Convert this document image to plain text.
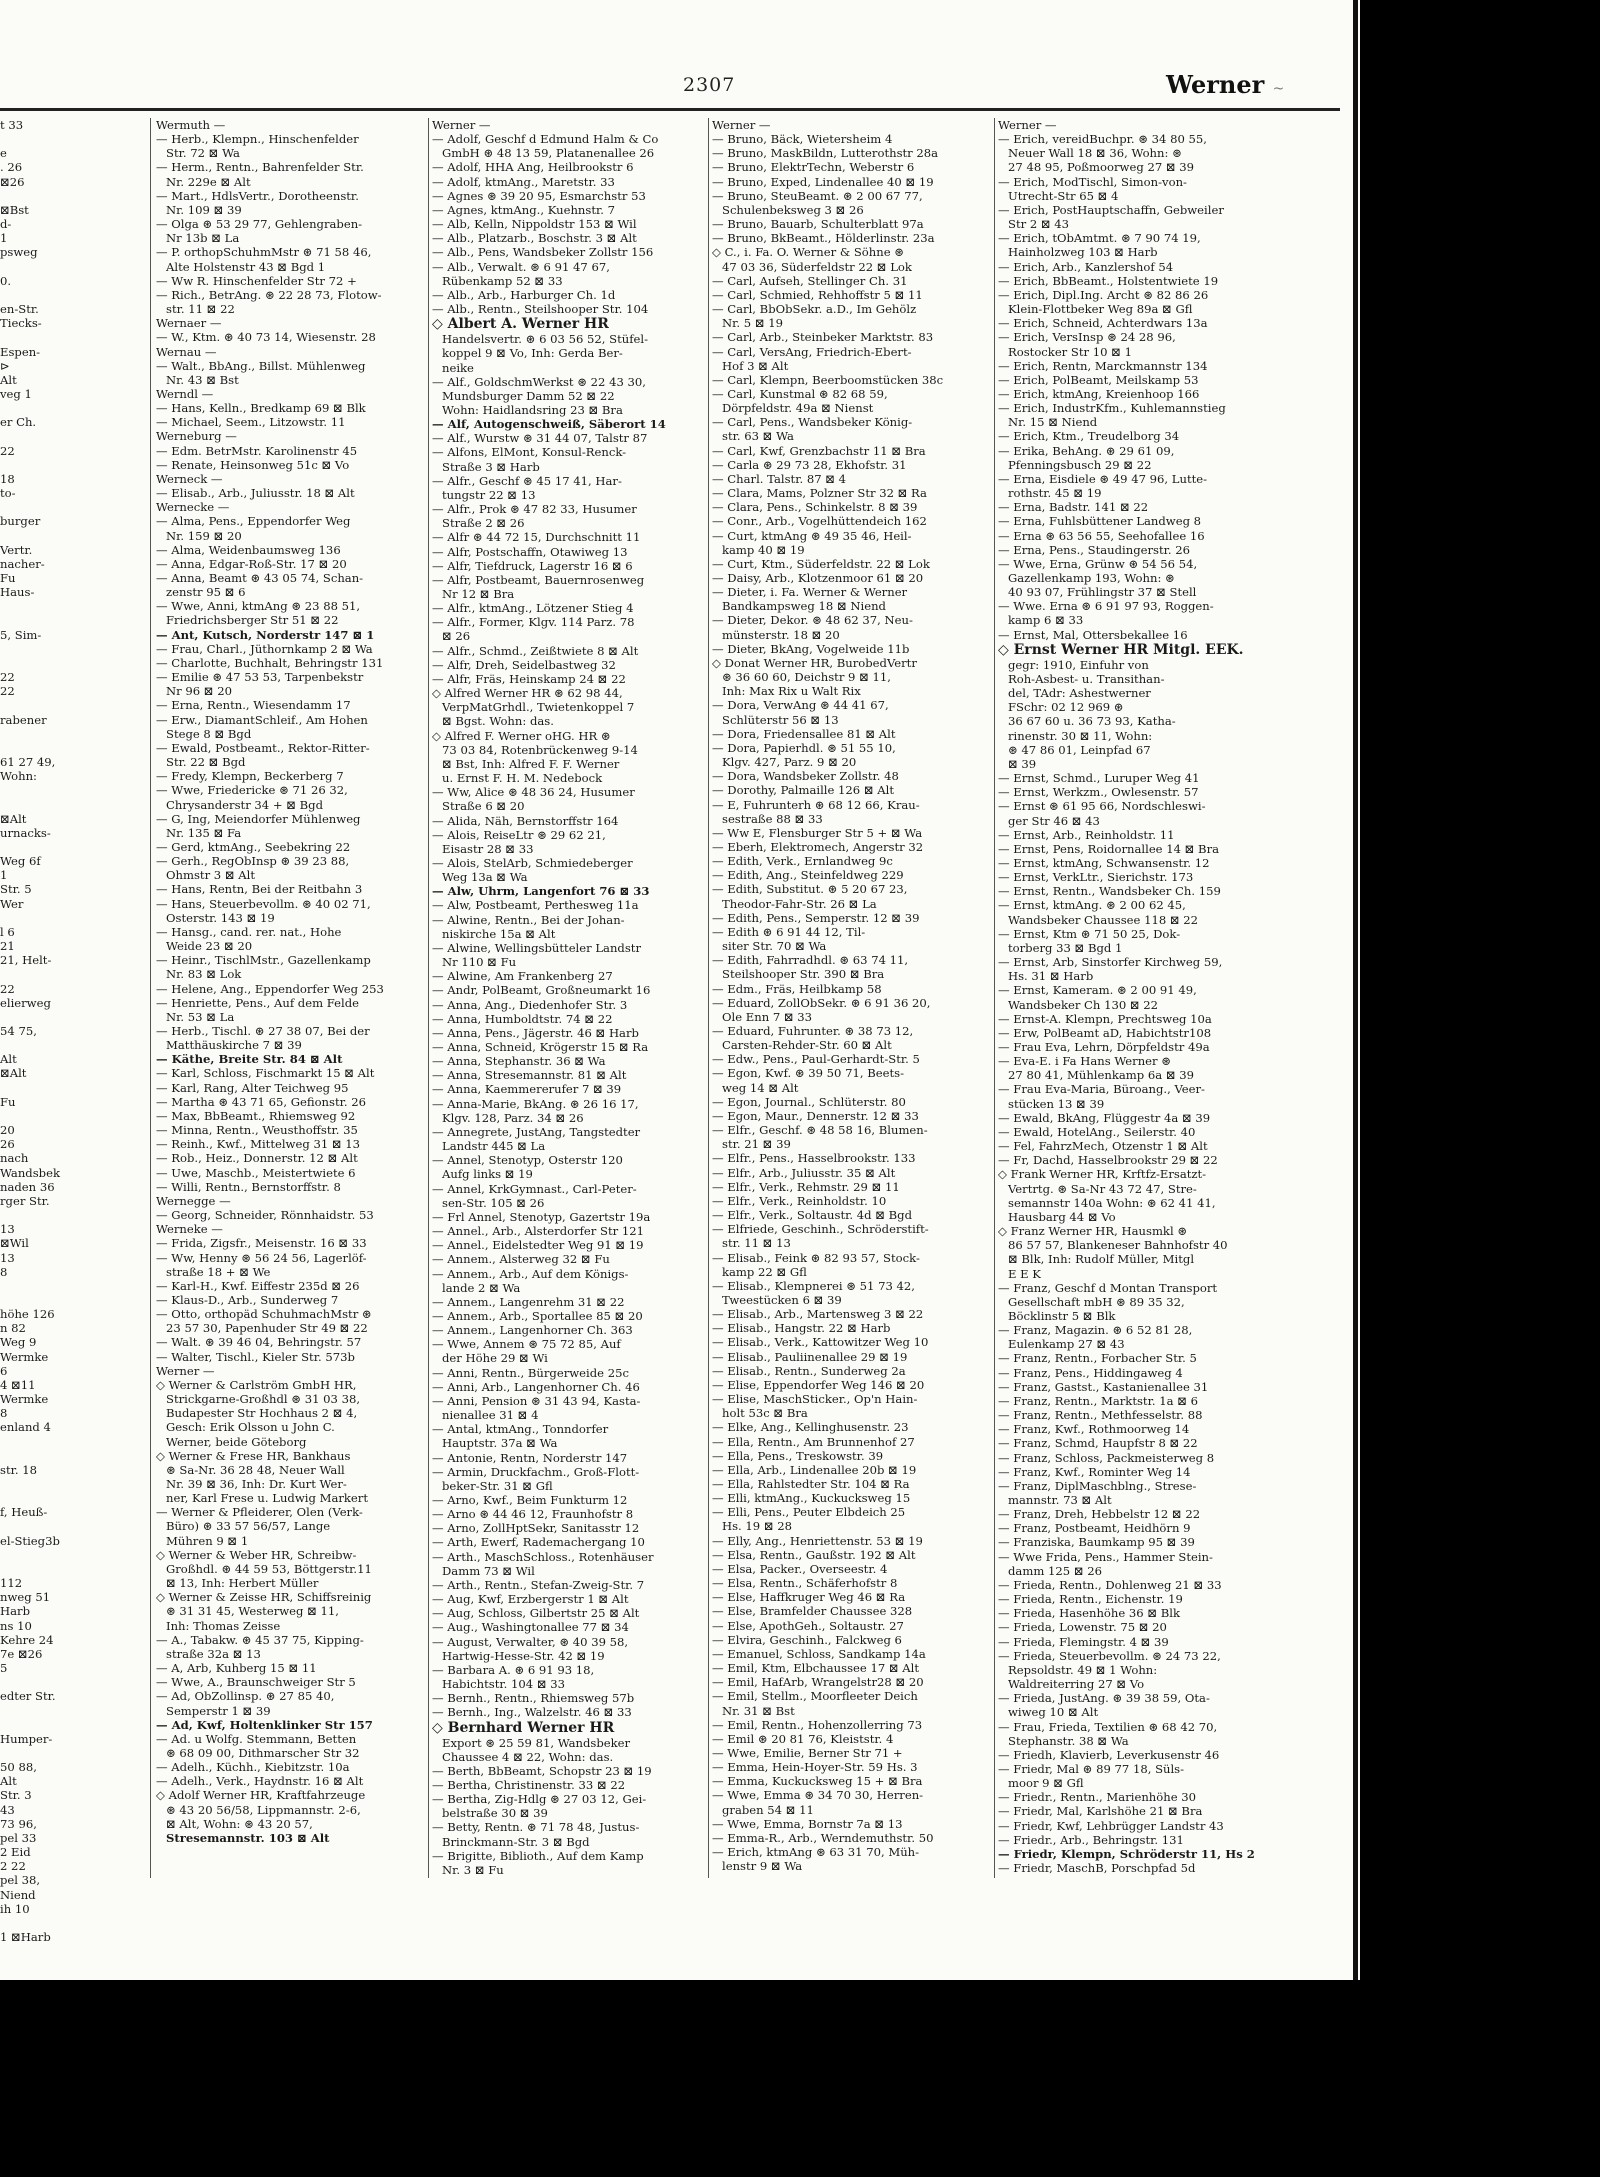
2307	Werner ~
t 33

e
. 26
⊠26

⊠Bst
d-
1
psweg

0.

en-Str.
Tiecks-

Espen-
⊳
Alt
veg 1

er Ch.

22

18
to-

burger

Vertr.
nacher-
Fu
Haus-

5, Sim-

22
22

rabener

61 27 49,
Wohn:

⊠Alt
urnacks-

Weg 6f
1
Str. 5
Wer

l 6
21
21, Helt-

22
elierweg

54 75,

Alt
⊠Alt

Fu

20
26
nach
Wandsbek
naden 36
rger Str.

13
⊠Wil
13
8

höhe 126
n 82
Weg 9
Wermke
6
4 ⊠11
Wermke
8
enland 4

str. 18

f, Heuß-

el-Stieg3b

112
nweg 51
Harb
ns 10
Kehre 24
7e ⊠26
5

edter Str.

Humper-

50 88,
Alt
Str. 3
43
73 96,
pel 33
2 Eid
2 22
pel 38,
Niend
ih 10

1 ⊠Harb
Wermuth —
— Herb., Klempn., Hinschenfelder
Str. 72 ⊠ Wa
— Herm., Rentn., Bahrenfelder Str.
Nr. 229e ⊠ Alt
— Mart., HdlsVertr., Dorotheenstr.
Nr. 109 ⊠ 39
— Olga ⊛ 53 29 77, Gehlengraben-
Nr 13b ⊠ La
— P. orthopSchuhmMstr ⊛ 71 58 46,
Alte Holstenstr 43 ⊠ Bgd 1
— Ww R. Hinschenfelder Str 72 +
— Rich., BetrAng. ⊛ 22 28 73, Flotow-
str. 11 ⊠ 22
Wernaer —
— W., Ktm. ⊛ 40 73 14, Wiesenstr. 28
Wernau —
— Walt., BbAng., Billst. Mühlenweg
Nr. 43 ⊠ Bst
Werndl —
— Hans, Kelln., Bredkamp 69 ⊠ Blk
— Michael, Seem., Litzowstr. 11
Werneburg —
— Edm. BetrMstr. Karolinenstr 45
— Renate, Heinsonweg 51c ⊠ Vo
Werneck —
— Elisab., Arb., Juliusstr. 18 ⊠ Alt
Wernecke —
— Alma, Pens., Eppendorfer Weg
Nr. 159 ⊠ 20
— Alma, Weidenbaumsweg 136
— Anna, Edgar-Roß-Str. 17 ⊠ 20
— Anna, Beamt ⊛ 43 05 74, Schan-
zenstr 95 ⊠ 6
— Wwe, Anni, ktmAng ⊛ 23 88 51,
Friedrichsberger Str 51 ⊠ 22
— Ant, Kutsch, Norderstr 147 ⊠ 1
— Frau, Charl., Jüthornkamp 2 ⊠ Wa
— Charlotte, Buchhalt, Behringstr 131
— Emilie ⊛ 47 53 53, Tarpenbekstr
Nr 96 ⊠ 20
— Erna, Rentn., Wiesendamm 17
— Erw., DiamantSchleif., Am Hohen
Stege 8 ⊠ Bgd
— Ewald, Postbeamt., Rektor-Ritter-
Str. 22 ⊠ Bgd
— Fredy, Klempn, Beckerberg 7
— Wwe, Friedericke ⊛ 71 26 32,
Chrysanderstr 34 + ⊠ Bgd
— G, Ing, Meiendorfer Mühlenweg
Nr. 135 ⊠ Fa
— Gerd, ktmAng., Seebekring 22
— Gerh., RegObInsp ⊛ 39 23 88,
Ohmstr 3 ⊠ Alt
— Hans, Rentn, Bei der Reitbahn 3
— Hans, Steuerbevollm. ⊛ 40 02 71,
Osterstr. 143 ⊠ 19
— Hansg., cand. rer. nat., Hohe
Weide 23 ⊠ 20
— Heinr., TischlMstr., Gazellenkamp
Nr. 83 ⊠ Lok
— Helene, Ang., Eppendorfer Weg 253
— Henriette, Pens., Auf dem Felde
Nr. 53 ⊠ La
— Herb., Tischl. ⊛ 27 38 07, Bei der
Matthäuskirche 7 ⊠ 39
— Käthe, Breite Str. 84 ⊠ Alt
— Karl, Schloss, Fischmarkt 15 ⊠ Alt
— Karl, Rang, Alter Teichweg 95
— Martha ⊛ 43 71 65, Gefionstr. 26
— Max, BbBeamt., Rhiemsweg 92
— Minna, Rentn., Weusthoffstr. 35
— Reinh., Kwf., Mittelweg 31 ⊠ 13
— Rob., Heiz., Donnerstr. 12 ⊠ Alt
— Uwe, Maschb., Meistertwiete 6
— Willi, Rentn., Bernstorffstr. 8
Wernegge —
— Georg, Schneider, Rönnhaidstr. 53
Werneke —
— Frida, Zigsfr., Meisenstr. 16 ⊠ 33
— Ww, Henny ⊛ 56 24 56, Lagerlöf-
straße 18 + ⊠ We
— Karl-H., Kwf. Eiffestr 235d ⊠ 26
— Klaus-D., Arb., Sunderweg 7
— Otto, orthopäd SchuhmachMstr ⊛
23 57 30, Papenhuder Str 49 ⊠ 22
— Walt. ⊛ 39 46 04, Behringstr. 57
— Walter, Tischl., Kieler Str. 573b
Werner —
◇ Werner & Carlström GmbH HR,
Strickgarne-Großhdl ⊛ 31 03 38,
Budapester Str Hochhaus 2 ⊠ 4,
Gesch: Erik Olsson u John C.
Werner, beide Göteborg
◇ Werner & Frese HR, Bankhaus
⊛ Sa-Nr. 36 28 48, Neuer Wall
Nr. 39 ⊠ 36, Inh: Dr. Kurt Wer-
ner, Karl Frese u. Ludwig Markert
— Werner & Pfleiderer, Olen (Verk-
Büro) ⊛ 33 57 56/57, Lange
Mühren 9 ⊠ 1
◇ Werner & Weber HR, Schreibw-
Großhdl. ⊛ 44 59 53, Böttgerstr.11
⊠ 13, Inh: Herbert Müller
◇ Werner & Zeisse HR, Schiffsreinig
⊛ 31 31 45, Westerweg ⊠ 11,
Inh: Thomas Zeisse
— A., Tabakw. ⊛ 45 37 75, Kipping-
straße 32a ⊠ 13
— A, Arb, Kuhberg 15 ⊠ 11
— Wwe, A., Braunschweiger Str 5
— Ad, ObZollinsp. ⊛ 27 85 40,
Semperstr 1 ⊠ 39
— Ad, Kwf, Holtenklinker Str 157
— Ad. u Wolfg. Stemmann, Betten
⊛ 68 09 00, Dithmarscher Str 32
— Adelh., Küchh., Kiebitzstr. 10a
— Adelh., Verk., Haydnstr. 16 ⊠ Alt
◇ Adolf Werner HR, Kraftfahrzeuge
⊛ 43 20 56/58, Lippmannstr. 2-6,
⊠ Alt, Wohn: ⊛ 43 20 57,
Stresemannstr. 103 ⊠ Alt
Werner —
— Adolf, Geschf d Edmund Halm & Co
GmbH ⊛ 48 13 59, Platanenallee 26
— Adolf, HHA Ang, Heilbrookstr 6
— Adolf, ktmAng., Maretstr. 33
— Agnes ⊛ 39 20 95, Esmarchstr 53
— Agnes, ktmAng., Kuehnstr. 7
— Alb, Kelln, Nippoldstr 153 ⊠ Wil
— Alb., Platzarb., Boschstr. 3 ⊠ Alt
— Alb., Pens, Wandsbeker Zollstr 156
— Alb., Verwalt. ⊛ 6 91 47 67,
Rübenkamp 52 ⊠ 33
— Alb., Arb., Harburger Ch. 1d
— Alb., Rentn., Steilshooper Str. 104
◇ Albert A. Werner HR
Handelsvertr. ⊛ 6 03 56 52, Stüfel-
koppel 9 ⊠ Vo, Inh: Gerda Ber-
neike
— Alf., GoldschmWerkst ⊛ 22 43 30,
Mundsburger Damm 52 ⊠ 22
Wohn: Haidlandsring 23 ⊠ Bra
— Alf, Autogenschweiß, Säberort 14
— Alf., Wurstw ⊛ 31 44 07, Talstr 87
— Alfons, ElMont, Konsul-Renck-
Straße 3 ⊠ Harb
— Alfr., Geschf ⊛ 45 17 41, Har-
tungstr 22 ⊠ 13
— Alfr., Prok ⊛ 47 82 33, Husumer
Straße 2 ⊠ 26
— Alfr ⊛ 44 72 15, Durchschnitt 11
— Alfr, Postschaffn, Otawiweg 13
— Alfr, Tiefdruck, Lagerstr 16 ⊠ 6
— Alfr, Postbeamt, Bauernrosenweg
Nr 12 ⊠ Bra
— Alfr., ktmAng., Lötzener Stieg 4
— Alfr., Former, Klgv. 114 Parz. 78
⊠ 26
— Alfr., Schmd., Zeißtwiete 8 ⊠ Alt
— Alfr, Dreh, Seidelbastweg 32
— Alfr, Fräs, Heinskamp 24 ⊠ 22
◇ Alfred Werner HR ⊛ 62 98 44,
VerpMatGrhdl., Twietenkoppel 7
⊠ Bgst. Wohn: das.
◇ Alfred F. Werner oHG. HR ⊛
73 03 84, Rotenbrückenweg 9-14
⊠ Bst, Inh: Alfred F. F. Werner
u. Ernst F. H. M. Nedebock
— Ww, Alice ⊛ 48 36 24, Husumer
Straße 6 ⊠ 20
— Alida, Näh, Bernstorffstr 164
— Alois, ReiseLtr ⊛ 29 62 21,
Eisastr 28 ⊠ 33
— Alois, StelArb, Schmiedeberger
Weg 13a ⊠ Wa
— Alw, Uhrm, Langenfort 76 ⊠ 33
— Alw, Postbeamt, Perthesweg 11a
— Alwine, Rentn., Bei der Johan-
niskirche 15a ⊠ Alt
— Alwine, Wellingsbütteler Landstr
Nr 110 ⊠ Fu
— Alwine, Am Frankenberg 27
— Andr, PolBeamt, Großneumarkt 16
— Anna, Ang., Diedenhofer Str. 3
— Anna, Humboldtstr. 74 ⊠ 22
— Anna, Pens., Jägerstr. 46 ⊠ Harb
— Anna, Schneid, Krögerstr 15 ⊠ Ra
— Anna, Stephanstr. 36 ⊠ Wa
— Anna, Stresemannstr. 81 ⊠ Alt
— Anna, Kaemmererufer 7 ⊠ 39
— Anna-Marie, BkAng. ⊛ 26 16 17,
Klgv. 128, Parz. 34 ⊠ 26
— Annegrete, JustAng, Tangstedter
Landstr 445 ⊠ La
— Annel, Stenotyp, Osterstr 120
Aufg links ⊠ 19
— Annel, KrkGymnast., Carl-Peter-
sen-Str. 105 ⊠ 26
— Frl Annel, Stenotyp, Gazertstr 19a
— Annel., Arb., Alsterdorfer Str 121
— Annel., Eidelstedter Weg 91 ⊠ 19
— Annem., Alsterweg 32 ⊠ Fu
— Annem., Arb., Auf dem Königs-
lande 2 ⊠ Wa
— Annem., Langenrehm 31 ⊠ 22
— Annem., Arb., Sportallee 85 ⊠ 20
— Annem., Langenhorner Ch. 363
— Wwe, Annem ⊛ 75 72 85, Auf
der Höhe 29 ⊠ Wi
— Anni, Rentn., Bürgerweide 25c
— Anni, Arb., Langenhorner Ch. 46
— Anni, Pension ⊛ 31 43 94, Kasta-
nienallee 31 ⊠ 4
— Antal, ktmAng., Tonndorfer
Hauptstr. 37a ⊠ Wa
— Antonie, Rentn, Norderstr 147
— Armin, Druckfachm., Groß-Flott-
beker-Str. 31 ⊠ Gfl
— Arno, Kwf., Beim Funkturm 12
— Arno ⊛ 44 46 12, Fraunhofstr 8
— Arno, ZollHptSekr, Sanitasstr 12
— Arth, Ewerf, Rademachergang 10
— Arth., MaschSchloss., Rotenhäuser
Damm 73 ⊠ Wil
— Arth., Rentn., Stefan-Zweig-Str. 7
— Aug, Kwf, Erzbergerstr 1 ⊠ Alt
— Aug, Schloss, Gilbertstr 25 ⊠ Alt
— Aug., Washingtonallee 77 ⊠ 34
— August, Verwalter, ⊛ 40 39 58,
Hartwig-Hesse-Str. 42 ⊠ 19
— Barbara A. ⊛ 6 91 93 18,
Habichtstr. 104 ⊠ 33
— Bernh., Rentn., Rhiemsweg 57b
— Bernh., Ing., Walzelstr. 46 ⊠ 33
◇ Bernhard Werner HR
Export ⊛ 25 59 81, Wandsbeker
Chaussee 4 ⊠ 22, Wohn: das.
— Berth, BbBeamt, Schopstr 23 ⊠ 19
— Bertha, Christinenstr. 33 ⊠ 22
— Bertha, Zig-Hdlg ⊛ 27 03 12, Gei-
belstraße 30 ⊠ 39
— Betty, Rentn. ⊛ 71 78 48, Justus-
Brinckmann-Str. 3 ⊠ Bgd
— Brigitte, Biblioth., Auf dem Kamp
Nr. 3 ⊠ Fu
Werner —
— Bruno, Bäck, Wietersheim 4
— Bruno, MaskBildn, Lutterothstr 28a
— Bruno, ElektrTechn, Weberstr 6
— Bruno, Exped, Lindenallee 40 ⊠ 19
— Bruno, SteuBeamt. ⊛ 2 00 67 77,
Schulenbeksweg 3 ⊠ 26
— Bruno, Bauarb, Schulterblatt 97a
— Bruno, BkBeamt., Hölderlinstr. 23a
◇ C., i. Fa. O. Werner & Söhne ⊛
47 03 36, Süderfeldstr 22 ⊠ Lok
— Carl, Aufseh, Stellinger Ch. 31
— Carl, Schmied, Rehhoffstr 5 ⊠ 11
— Carl, BbObSekr. a.D., Im Gehölz
Nr. 5 ⊠ 19
— Carl, Arb., Steinbeker Marktstr. 83
— Carl, VersAng, Friedrich-Ebert-
Hof 3 ⊠ Alt
— Carl, Klempn, Beerboomstücken 38c
— Carl, Kunstmal ⊛ 82 68 59,
Dörpfeldstr. 49a ⊠ Nienst
— Carl, Pens., Wandsbeker König-
str. 63 ⊠ Wa
— Carl, Kwf, Grenzbachstr 11 ⊠ Bra
— Carla ⊛ 29 73 28, Ekhofstr. 31
— Charl. Talstr. 87 ⊠ 4
— Clara, Mams, Polzner Str 32 ⊠ Ra
— Clara, Pens., Schinkelstr. 8 ⊠ 39
— Conr., Arb., Vogelhüttendeich 162
— Curt, ktmAng ⊛ 49 35 46, Heil-
kamp 40 ⊠ 19
— Curt, Ktm., Süderfeldstr. 22 ⊠ Lok
— Daisy, Arb., Klotzenmoor 61 ⊠ 20
— Dieter, i. Fa. Werner & Werner
Bandkampsweg 18 ⊠ Niend
— Dieter, Dekor. ⊛ 48 62 37, Neu-
münsterstr. 18 ⊠ 20
— Dieter, BkAng, Vogelweide 11b
◇ Donat Werner HR, BurobedVertr
⊛ 36 60 60, Deichstr 9 ⊠ 11,
Inh: Max Rix u Walt Rix
— Dora, VerwAng ⊛ 44 41 67,
Schlüterstr 56 ⊠ 13
— Dora, Friedensallee 81 ⊠ Alt
— Dora, Papierhdl. ⊛ 51 55 10,
Klgv. 427, Parz. 9 ⊠ 20
— Dora, Wandsbeker Zollstr. 48
— Dorothy, Palmaille 126 ⊠ Alt
— E, Fuhrunterh ⊛ 68 12 66, Krau-
sestraße 88 ⊠ 33
— Ww E, Flensburger Str 5 + ⊠ Wa
— Eberh, Elektromech, Angerstr 32
— Edith, Verk., Ernlandweg 9c
— Edith, Ang., Steinfeldweg 229
— Edith, Substitut. ⊛ 5 20 67 23,
Theodor-Fahr-Str. 26 ⊠ La
— Edith, Pens., Semperstr. 12 ⊠ 39
— Edith ⊛ 6 91 44 12, Til-
siter Str. 70 ⊠ Wa
— Edith, Fahrradhdl. ⊛ 63 74 11,
Steilshooper Str. 390 ⊠ Bra
— Edm., Fräs, Heilbkamp 58
— Eduard, ZollObSekr. ⊛ 6 91 36 20,
Ole Enn 7 ⊠ 33
— Eduard, Fuhrunter. ⊛ 38 73 12,
Carsten-Rehder-Str. 60 ⊠ Alt
— Edw., Pens., Paul-Gerhardt-Str. 5
— Egon, Kwf. ⊛ 39 50 71, Beets-
weg 14 ⊠ Alt
— Egon, Journal., Schlüterstr. 80
— Egon, Maur., Dennerstr. 12 ⊠ 33
— Elfr., Geschf. ⊛ 48 58 16, Blumen-
str. 21 ⊠ 39
— Elfr., Pens., Hasselbrookstr. 133
— Elfr., Arb., Juliusstr. 35 ⊠ Alt
— Elfr., Verk., Rehmstr. 29 ⊠ 11
— Elfr., Verk., Reinholdstr. 10
— Elfr., Verk., Soltaustr. 4d ⊠ Bgd
— Elfriede, Geschinh., Schröderstift-
str. 11 ⊠ 13
— Elisab., Feink ⊛ 82 93 57, Stock-
kamp 22 ⊠ Gfl
— Elisab., Klempnerei ⊛ 51 73 42,
Tweestücken 6 ⊠ 39
— Elisab., Arb., Martensweg 3 ⊠ 22
— Elisab., Hangstr. 22 ⊠ Harb
— Elisab., Verk., Kattowitzer Weg 10
— Elisab., Pauliinenallee 29 ⊠ 19
— Elisab., Rentn., Sunderweg 2a
— Elise, Eppendorfer Weg 146 ⊠ 20
— Elise, MaschSticker., Op'n Hain-
holt 53c ⊠ Bra
— Elke, Ang., Kellinghusenstr. 23
— Ella, Rentn., Am Brunnenhof 27
— Ella, Pens., Treskowstr. 39
— Ella, Arb., Lindenallee 20b ⊠ 19
— Ella, Rahlstedter Str. 104 ⊠ Ra
— Elli, ktmAng., Kuckucksweg 15
— Elli, Pens., Peuter Elbdeich 25
Hs. 19 ⊠ 28
— Elly, Ang., Henriettenstr. 53 ⊠ 19
— Elsa, Rentn., Gaußstr. 192 ⊠ Alt
— Elsa, Packer., Overseestr. 4
— Elsa, Rentn., Schäferhofstr 8
— Else, Haffkruger Weg 46 ⊠ Ra
— Else, Bramfelder Chaussee 328
— Else, ApothGeh., Soltaustr. 27
— Elvira, Geschinh., Falckweg 6
— Emanuel, Schloss, Sandkamp 14a
— Emil, Ktm, Elbchaussee 17 ⊠ Alt
— Emil, HafArb, Wrangelstr28 ⊠ 20
— Emil, Stellm., Moorfleeter Deich
Nr. 31 ⊠ Bst
— Emil, Rentn., Hohenzollerring 73
— Emil ⊛ 20 81 76, Kleiststr. 4
— Wwe, Emilie, Berner Str 71 +
— Emma, Hein-Hoyer-Str. 59 Hs. 3
— Emma, Kuckucksweg 15 + ⊠ Bra
— Wwe, Emma ⊛ 34 70 30, Herren-
graben 54 ⊠ 11
— Wwe, Emma, Bornstr 7a ⊠ 13
— Emma-R., Arb., Werndemuthstr. 50
— Erich, ktmAng ⊛ 63 31 70, Müh-
lenstr 9 ⊠ Wa
Werner —
— Erich, vereidBuchpr. ⊛ 34 80 55,
Neuer Wall 18 ⊠ 36, Wohn: ⊛
27 48 95, Poßmoorweg 27 ⊠ 39
— Erich, ModTischl, Simon-von-
Utrecht-Str 65 ⊠ 4
— Erich, PostHauptschaffn, Gebweiler
Str 2 ⊠ 43
— Erich, tObAmtmt. ⊛ 7 90 74 19,
Hainholzweg 103 ⊠ Harb
— Erich, Arb., Kanzlershof 54
— Erich, BbBeamt., Holstentwiete 19
— Erich, Dipl.Ing. Archt ⊛ 82 86 26
Klein-Flottbeker Weg 89a ⊠ Gfl
— Erich, Schneid, Achterdwars 13a
— Erich, VersInsp ⊛ 24 28 96,
Rostocker Str 10 ⊠ 1
— Erich, Rentn, Marckmannstr 134
— Erich, PolBeamt, Meilskamp 53
— Erich, ktmAng, Kreienhoop 166
— Erich, IndustrKfm., Kuhlemannstieg
Nr. 15 ⊠ Niend
— Erich, Ktm., Treudelborg 34
— Erika, BehAng. ⊛ 29 61 09,
Pfenningsbusch 29 ⊠ 22
— Erna, Eisdiele ⊛ 49 47 96, Lutte-
rothstr. 45 ⊠ 19
— Erna, Badstr. 141 ⊠ 22
— Erna, Fuhlsbüttener Landweg 8
— Erna ⊛ 63 56 55, Seehofallee 16
— Erna, Pens., Staudingerstr. 26
— Wwe, Erna, Grünw ⊛ 54 56 54,
Gazellenkamp 193, Wohn: ⊛
40 93 07, Frühlingstr 37 ⊠ Stell
— Wwe. Erna ⊛ 6 91 97 93, Roggen-
kamp 6 ⊠ 33
— Ernst, Mal, Ottersbekallee 16
◇ Ernst Werner HR Mitgl. EEK.
gegr: 1910, Einfuhr von
Roh-Asbest- u. Transithan-
del, TAdr: Ashestwerner
FSchr: 02 12 969 ⊛
36 67 60 u. 36 73 93, Katha-
rinenstr. 30 ⊠ 11, Wohn:
⊛ 47 86 01, Leinpfad 67
⊠ 39
— Ernst, Schmd., Luruper Weg 41
— Ernst, Werkzm., Owlesenstr. 57
— Ernst ⊛ 61 95 66, Nordschleswi-
ger Str 46 ⊠ 43
— Ernst, Arb., Reinholdstr. 11
— Ernst, Pens, Roidornallee 14 ⊠ Bra
— Ernst, ktmAng, Schwansenstr. 12
— Ernst, VerkLtr., Sierichstr. 173
— Ernst, Rentn., Wandsbeker Ch. 159
— Ernst, ktmAng. ⊛ 2 00 62 45,
Wandsbeker Chaussee 118 ⊠ 22
— Ernst, Ktm ⊛ 71 50 25, Dok-
torberg 33 ⊠ Bgd 1
— Ernst, Arb, Sinstorfer Kirchweg 59,
Hs. 31 ⊠ Harb
— Ernst, Kameram. ⊛ 2 00 91 49,
Wandsbeker Ch 130 ⊠ 22
— Ernst-A. Klempn, Prechtsweg 10a
— Erw, PolBeamt aD, Habichtstr108
— Frau Eva, Lehrn, Dörpfeldstr 49a
— Eva-E. i Fa Hans Werner ⊛
27 80 41, Mühlenkamp 6a ⊠ 39
— Frau Eva-Maria, Büroang., Veer-
stücken 13 ⊠ 39
— Ewald, BkAng, Flüggestr 4a ⊠ 39
— Ewald, HotelAng., Seilerstr. 40
— Fel, FahrzMech, Otzenstr 1 ⊠ Alt
— Fr, Dachd, Hasselbrookstr 29 ⊠ 22
◇ Frank Werner HR, Krftfz-Ersatzt-
Vertrtg. ⊛ Sa-Nr 43 72 47, Stre-
semannstr 140a Wohn: ⊛ 62 41 41,
Hausbarg 44 ⊠ Vo
◇ Franz Werner HR, Hausmkl ⊛
86 57 57, Blankeneser Bahnhofstr 40
⊠ Blk, Inh: Rudolf Müller, Mitgl
E E K
— Franz, Geschf d Montan Transport
Gesellschaft mbH ⊛ 89 35 32,
Böcklinstr 5 ⊠ Blk
— Franz, Magazin. ⊛ 6 52 81 28,
Eulenkamp 27 ⊠ 43
— Franz, Rentn., Forbacher Str. 5
— Franz, Pens., Hiddingaweg 4
— Franz, Gastst., Kastanienallee 31
— Franz, Rentn., Marktstr. 1a ⊠ 6
— Franz, Rentn., Methfesselstr. 88
— Franz, Kwf., Rothmoorweg 14
— Franz, Schmd, Haupfstr 8 ⊠ 22
— Franz, Schloss, Packmeisterweg 8
— Franz, Kwf., Rominter Weg 14
— Franz, DiplMaschblng., Strese-
mannstr. 73 ⊠ Alt
— Franz, Dreh, Hebbelstr 12 ⊠ 22
— Franz, Postbeamt, Heidhörn 9
— Franziska, Baumkamp 95 ⊠ 39
— Wwe Frida, Pens., Hammer Stein-
damm 125 ⊠ 26
— Frieda, Rentn., Dohlenweg 21 ⊠ 33
— Frieda, Rentn., Eichenstr. 19
— Frieda, Hasenhöhe 36 ⊠ Blk
— Frieda, Lowenstr. 75 ⊠ 20
— Frieda, Flemingstr. 4 ⊠ 39
— Frieda, Steuerbevollm. ⊛ 24 73 22,
Repsoldstr. 49 ⊠ 1 Wohn:
Waldreiterring 27 ⊠ Vo
— Frieda, JustAng. ⊛ 39 38 59, Ota-
wiweg 10 ⊠ Alt
— Frau, Frieda, Textilien ⊛ 68 42 70,
Stephanstr. 38 ⊠ Wa
— Friedh, Klavierb, Leverkusenstr 46
— Friedr, Mal ⊛ 89 77 18, Süls-
moor 9 ⊠ Gfl
— Friedr., Rentn., Marienhöhe 30
— Friedr, Mal, Karlshöhe 21 ⊠ Bra
— Friedr, Kwf, Lehbrügger Landstr 43
— Friedr., Arb., Behringstr. 131
— Friedr, Klempn, Schröderstr 11, Hs 2
— Friedr, MaschB, Porschpfad 5d
